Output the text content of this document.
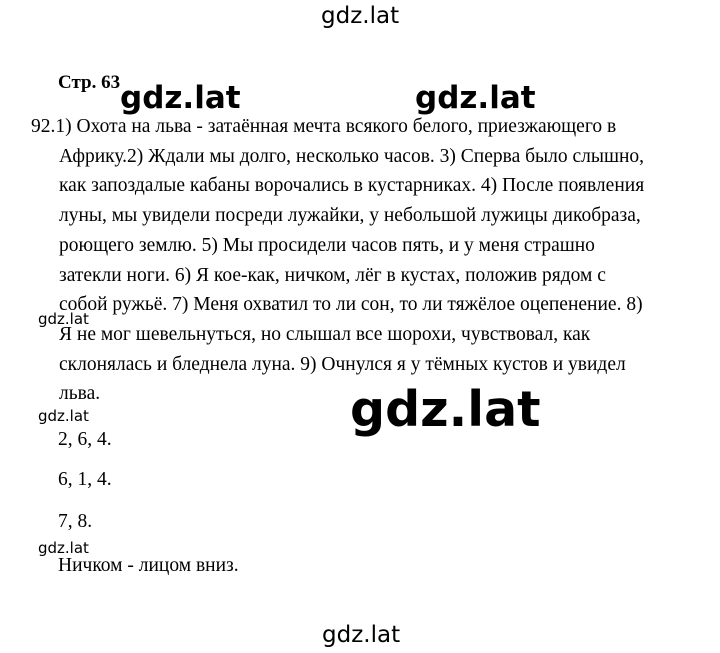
gdz.lat
Стр. 63
92.1) Охота на льва - затаённая мечта всякого белого, приезжающего в
Африку.2) Ждали мы долго, несколько часов. 3) Сперва было слышно,
как запоздалые кабаны ворочались в кустарниках. 4) После появления
луны, мы увидели посреди лужайки, у небольшой лужицы дикобраза,
роющего землю. 5) Мы просидели часов пять, и у меня страшно
затекли ноги. 6) Я кое-как, ничком, лёг в кустах, положив рядом с
собой ружьё. 7) Меня охватил то ли сон, то ли тяжёлое оцепенение. 8)
Я не мог шевельнуться, но слышал все шорохи, чувствовал, как
склонялась и бледнела луна. 9) Очнулся я у тёмных кустов и увидел
льва.
gdz.lat	gdz.lat
gdz.lat
gdz.lat
gdz.lat
2, 6, 4.
6, 1, 4.
7, 8.
gdz.lat
Ничком - лицом вниз.
gdz.lat
